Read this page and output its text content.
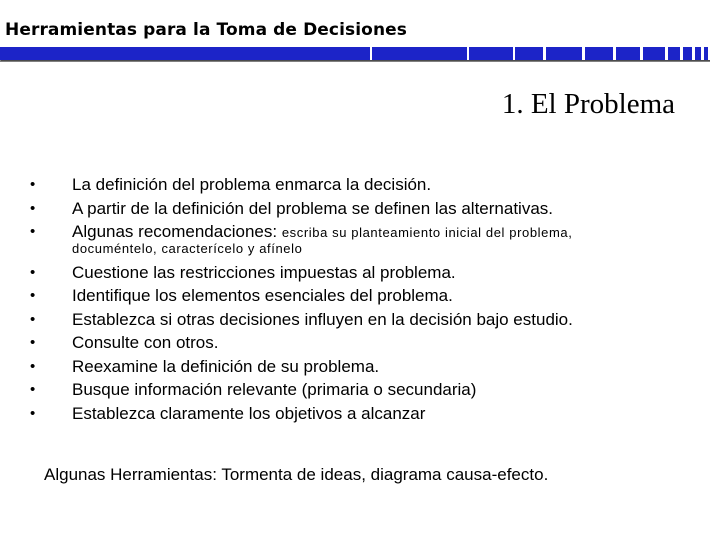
Herramientas para la Toma de Decisiones
1. El Problema
•	La definición del problema enmarca la decisión.
•	A partir de la definición del problema se definen las alternativas.
•	Algunas recomendaciones: escriba su planteamiento inicial del problema,
documéntelo, caracterícelo y afínelo
•	Cuestione las restricciones impuestas al problema.
•	Identifique los elementos esenciales del problema.
•	Establezca si otras decisiones influyen en la decisión bajo estudio.
•	Consulte con otros.
•	Reexamine la definición de su problema.
•	Busque información relevante (primaria o secundaria)
•	Establezca claramente los objetivos a alcanzar
Algunas Herramientas: Tormenta de ideas, diagrama causa-efecto.
